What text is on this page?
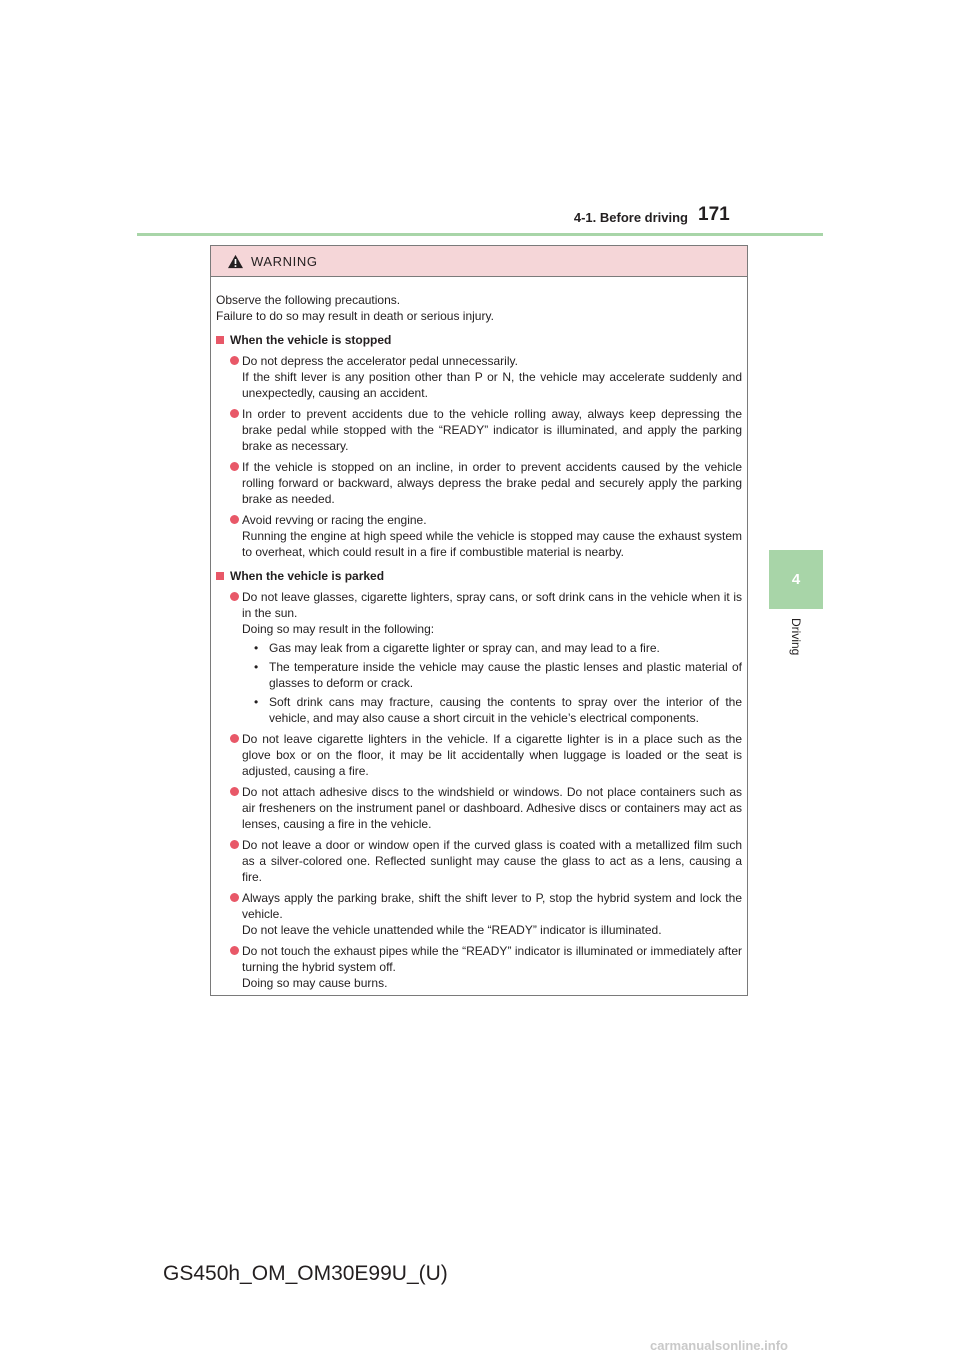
4-1. Before driving 171
4
Driving
WARNING

Observe the following precautions.

Failure to do so may result in death or serious injury.

When the vehicle is stopped

Do not depress the accelerator pedal unnecessarily.

If the shift lever is any position other than P or N, the vehicle may accelerate suddenly and unexpectedly, causing an accident.

In order to prevent accidents due to the vehicle rolling away, always keep depressing the brake pedal while stopped with the “READY” indicator is illuminated, and apply the parking brake as necessary.

If the vehicle is stopped on an incline, in order to prevent accidents caused by the vehicle rolling forward or backward, always depress the brake pedal and securely apply the parking brake as needed.

Avoid revving or racing the engine.

Running the engine at high speed while the vehicle is stopped may cause the exhaust system to overheat, which could result in a fire if combustible material is nearby.

When the vehicle is parked

Do not leave glasses, cigarette lighters, spray cans, or soft drink cans in the vehicle when it is in the sun.

Doing so may result in the following:

• Gas may leak from a cigarette lighter or spray can, and may lead to a fire.

• The temperature inside the vehicle may cause the plastic lenses and plastic material of glasses to deform or crack.

• Soft drink cans may fracture, causing the contents to spray over the interior of the vehicle, and may also cause a short circuit in the vehicle’s electrical components.

Do not leave cigarette lighters in the vehicle. If a cigarette lighter is in a place such as the glove box or on the floor, it may be lit accidentally when luggage is loaded or the seat is adjusted, causing a fire.

Do not attach adhesive discs to the windshield or windows. Do not place containers such as air fresheners on the instrument panel or dashboard. Adhesive discs or containers may act as lenses, causing a fire in the vehicle.

Do not leave a door or window open if the curved glass is coated with a metallized film such as a silver-colored one. Reflected sunlight may cause the glass to act as a lens, causing a fire.

Always apply the parking brake, shift the shift lever to P, stop the hybrid system and lock the vehicle.

Do not leave the vehicle unattended while the “READY” indicator is illuminated.

Do not touch the exhaust pipes while the “READY” indicator is illuminated or immediately after turning the hybrid system off.

Doing so may cause burns.

GS450h_OM_OM30E99U_(U)
carmanualsonline.info
